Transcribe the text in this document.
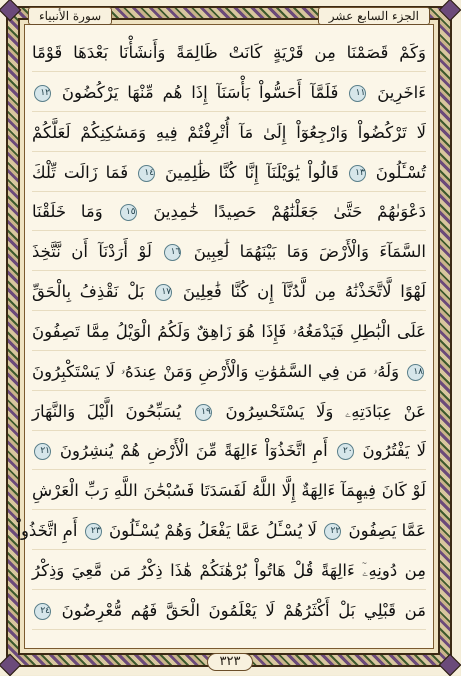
سورة الأنبياء	الجزء السابع عشر
وَكَمْ قَصَمْنَا مِن قَرْيَةٍ كَانَتْ ظَالِمَةً وَأَنشَأْنَا بَعْدَهَا قَوْمًا
ءَاخَرِينَ ١١ فَلَمَّآ أَحَسُّواْ بَأْسَنَآ إِذَا هُم مِّنْهَا يَرْكُضُونَ ١٢
لَا تَرْكُضُواْ وَارْجِعُوٓاْ إِلَىٰ مَآ أُتْرِفْتُمْ فِيهِ وَمَسَٰكِنِكُمْ لَعَلَّكُمْ
تُسْـَٔلُونَ ١٣ قَالُواْ يَٰوَيْلَنَآ إِنَّا كُنَّا ظَٰلِمِينَ ١٤ فَمَا زَالَت تِّلْكَ
دَعْوَىٰهُمْ حَتَّىٰ جَعَلْنَٰهُمْ حَصِيدًا خَٰمِدِينَ ١٥ وَمَا خَلَقْنَا
السَّمَآءَ وَالْأَرْضَ وَمَا بَيْنَهُمَا لَٰعِبِينَ ١٦ لَوْ أَرَدْنَآ أَن نَّتَّخِذَ
لَهْوًا لَّاتَّخَذْنَٰهُ مِن لَّدُنَّآ إِن كُنَّا فَٰعِلِينَ ١٧ بَلْ نَقْذِفُ بِالْحَقِّ
عَلَى الْبَٰطِلِ فَيَدْمَغُهُۥ فَإِذَا هُوَ زَاهِقٌ وَلَكُمُ الْوَيْلُ مِمَّا تَصِفُونَ
١٨ وَلَهُۥ مَن فِي السَّمَٰوَٰتِ وَالْأَرْضِ وَمَنْ عِندَهُۥ لَا يَسْتَكْبِرُونَ
عَنْ عِبَادَتِهِۦ وَلَا يَسْتَحْسِرُونَ ١٩ يُسَبِّحُونَ الَّيْلَ وَالنَّهَارَ
لَا يَفْتُرُونَ ٢٠ أَمِ اتَّخَذُوٓاْ ءَالِهَةً مِّنَ الْأَرْضِ هُمْ يُنشِرُونَ ٢١
لَوْ كَانَ فِيهِمَآ ءَالِهَةٌ إِلَّا اللَّهُ لَفَسَدَتَا فَسُبْحَٰنَ اللَّهِ رَبِّ الْعَرْشِ
عَمَّا يَصِفُونَ ٢٢ لَا يُسْـَٔلُ عَمَّا يَفْعَلُ وَهُمْ يُسْـَٔلُونَ ٢٣ أَمِ اتَّخَذُواْ
مِن دُونِهِۦٓ ءَالِهَةً قُلْ هَاتُواْ بُرْهَٰنَكُمْ هَٰذَا ذِكْرُ مَن مَّعِيَ وَذِكْرُ
مَن قَبْلِي بَلْ أَكْثَرُهُمْ لَا يَعْلَمُونَ الْحَقَّ فَهُم مُّعْرِضُونَ ٢٤
٣٢٣
